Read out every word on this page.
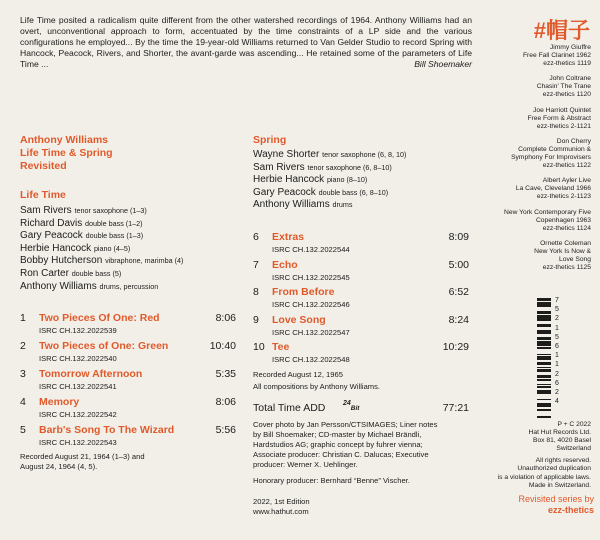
Life Time posited a radicalism quite different from the other watershed recordings of 1964. Anthony Williams had an overt, unconventional approach to form, accentuated by the time constraints of a LP side and the various configurations he employed... By the time the 19-year-old Williams returned to Van Gelder Studio to record Spring with Hancock, Peacock, Rivers, and Shorter, the avant-garde was ascending... He retained some of the parameters of Life Time ...	Bill Shoemaker
Anthony Williams
Life Time & Spring
Revisited
Life Time
Sam Rivers tenor saxophone (1–3)
Richard Davis double bass (1–2)
Gary Peacock double bass (1–3)
Herbie Hancock piano (4–5)
Bobby Hutcherson vibraphone, marimba (4)
Ron Carter double bass (5)
Anthony Williams drums, percussion
1 Two Pieces Of One: Red	8:06
ISRC CH.132.2022539
2 Two Pieces of One: Green	10:40
ISRC CH.132.2022540
3 Tomorrow Afternoon	5:35
ISRC CH.132.2022541
4 Memory	8:06
ISRC CH.132.2022542
5 Barb's Song To The Wizard	5:56
ISRC CH.132.2022543
Recorded August 21, 1964 (1–3) and
August 24, 1964 (4, 5).
Spring
Wayne Shorter tenor saxophone (6, 8, 10)
Sam Rivers tenor saxophone (6, 8–10)
Herbie Hancock piano (8–10)
Gary Peacock double bass (6, 8–10)
Anthony Williams drums
6 Extras	8:09
ISRC CH.132.2022544
7 Echo	5:00
ISRC CH.132.2022545
8 From Before	6:52
ISRC CH.132.2022546
9 Love Song	8:24
ISRC CH.132.2022547
10 Tee	10:29
ISRC CH.132.2022548
Recorded August 12, 1965
All compositions by Anthony Williams.
Total Time ADD	$24_{Bit}$	77:21
Cover photo by Jan Persson/CTSIMAGES; Liner notes
by Bill Shoemaker; CD-master by Michael Brändli,
Hardstudios AG; graphic concept by fuhrer vienna;
Associate producer: Christian C. Dalucas; Executive
producer: Werner X. Uehlinger.
Honorary producer: Bernhard “Benne” Vischer.
2022, 1st Edition
www.hathut.com
#帽子
Jimmy Giuffre
Free Fall Clarinet 1962
ezz-thetics 1119
John Coltrane
Chasin' The Trane
ezz-thetics 1120
Joe Harriott Quintet
Free Form & Abstract
ezz-thetics 2-1121
Don Cherry
Complete Communion &
Symphony For Improvisers
ezz-thetics 1122
Albert Ayler Live
La Cave, Cleveland 1966
ezz-thetics 2-1123
New York Contemporary Five
Copenhagen 1963
ezz-thetics 1124
Ornette Coleman
New York Is Now &
Love Song
ezz-thetics 1125
7
5
2
1
5
6
1
1
2
6
2
4
P + C 2022
Hat Hut Records Ltd.
Box 81, 4020 Basel
Switzerland
All rights reserved.
Unauthorized duplication
is a violation of applicable laws.
Made in Switzerland.
Revisited series by
ezz-thetics
